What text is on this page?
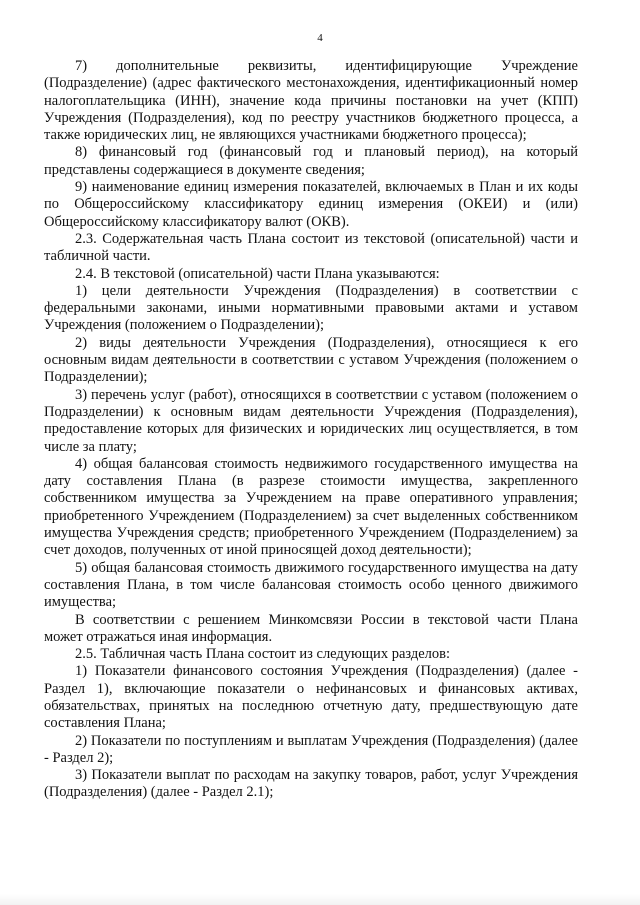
4

7) дополнительные реквизиты, идентифицирующие Учреждение (Подразделение) (адрес фактического местонахождения, идентификационный номер налогоплательщика (ИНН), значение кода причины постановки на учет (КПП) Учреждения (Подразделения), код по реестру участников бюджетного процесса, а также юридических лиц, не являющихся участниками бюджетного процесса);

8) финансовый год (финансовый год и плановый период), на который представлены содержащиеся в документе сведения;

9) наименование единиц измерения показателей, включаемых в План и их коды по Общероссийскому классификатору единиц измерения (ОКЕИ) и (или) Общероссийскому классификатору валют (ОКВ).

2.3. Содержательная часть Плана состоит из текстовой (описательной) части и табличной части.

2.4. В текстовой (описательной) части Плана указываются:

1) цели деятельности Учреждения (Подразделения) в соответствии с федеральными законами, иными нормативными правовыми актами и уставом Учреждения (положением о Подразделении);

2) виды деятельности Учреждения (Подразделения), относящиеся к его основным видам деятельности в соответствии с уставом Учреждения (положением о Подразделении);

3) перечень услуг (работ), относящихся в соответствии с уставом (положением о Подразделении) к основным видам деятельности Учреждения (Подразделения), предоставление которых для физических и юридических лиц осуществляется, в том числе за плату;

4) общая балансовая стоимость недвижимого государственного имущества на дату составления Плана (в разрезе стоимости имущества, закрепленного собственником имущества за Учреждением на праве оперативного управления; приобретенного Учреждением (Подразделением) за счет выделенных собственником имущества Учреждения средств; приобретенного Учреждением (Подразделением) за счет доходов, полученных от иной приносящей доход деятельности);

5) общая балансовая стоимость движимого государственного имущества на дату составления Плана, в том числе балансовая стоимость особо ценного движимого имущества;

В соответствии с решением Минкомсвязи России в текстовой части Плана может отражаться иная информация.

2.5. Табличная часть Плана состоит из следующих разделов:

1) Показатели финансового состояния Учреждения (Подразделения) (далее - Раздел 1), включающие показатели о нефинансовых и финансовых активах, обязательствах, принятых на последнюю отчетную дату, предшествующую дате составления Плана;

2) Показатели по поступлениям и выплатам Учреждения (Подразделения) (далее - Раздел 2);

3) Показатели выплат по расходам на закупку товаров, работ, услуг Учреждения (Подразделения) (далее - Раздел 2.1);
